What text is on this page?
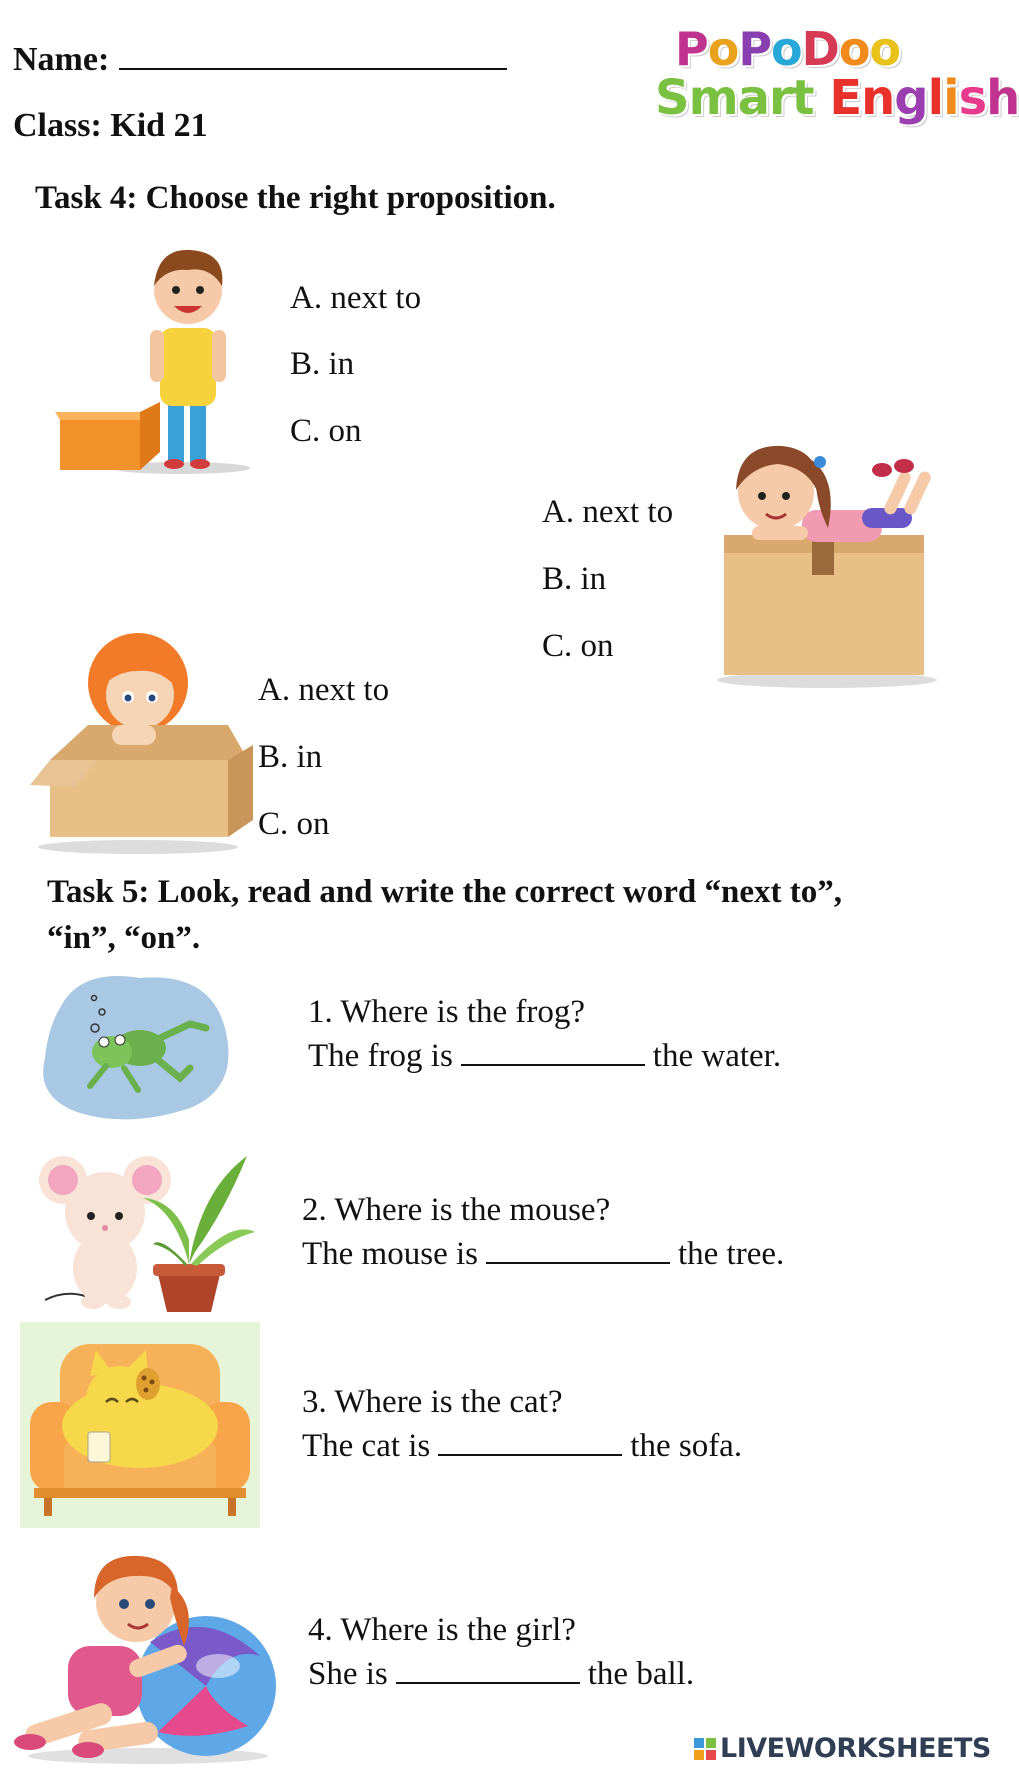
Name:
Class: Kid 21
PoPoDoo
Smart English
Task 4: Choose the right proposition.
A. next to
B. in
C. on
A. next to
B. in
C. on
A. next to
B. in
C. on
Task 5: Look, read and write the correct word “next to”,
“in”, “on”.
1. Where is the frog?
The frog is	the water.
2. Where is the mouse?
The mouse is	the tree.
3. Where is the cat?
The cat is	the sofa.
4. Where is the girl?
She is	the ball.
LIVEWORKSHEETS
